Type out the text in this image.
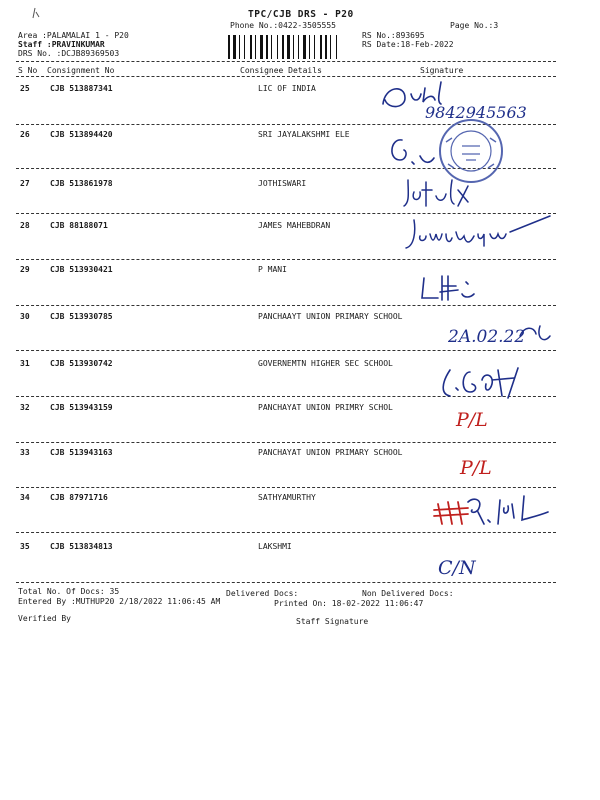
TPC/CJB DRS - P20
Phone No.:0422-3505555	Page No.:3
Area :PALAMALAI 1 - P20
Staff :PRAVINKUMAR
DRS No. :DCJB89369503
RS No.:893695
RS Date:18-Feb-2022
S No Consignment No	Consignee Details	Signature
25	CJB 513887341	LIC OF INDIA
26	CJB 513894420	SRI JAYALAKSHMI ELE
27	CJB 513861978	JOTHISWARI
28	CJB 88188071	JAMES MAHEBDRAN
29	CJB 513930421	P MANI
30	CJB 513930785	PANCHAAYT UNION PRIMARY SCHOOL
31	CJB 513930742	GOVERNEMTN HIGHER SEC SCHOOL
32	CJB 513943159	PANCHAYAT UNION PRIMRY SCHOL
33	CJB 513943163	PANCHAYAT UNION PRIMARY SCHOOL
34	CJB 87971716	SATHYAMURTHY
35	CJB 513834813	LAKSHMI
Total No. Of Docs: 35	Delivered Docs:	Non Delivered Docs:
Entered By :MUTHUP20 2/18/2022 11:06:45 AM	Printed On: 18-02-2022 11:06:47
Verified By	Staff Signature
9842945563
2A.02.22
P/L
P/L
C/N
